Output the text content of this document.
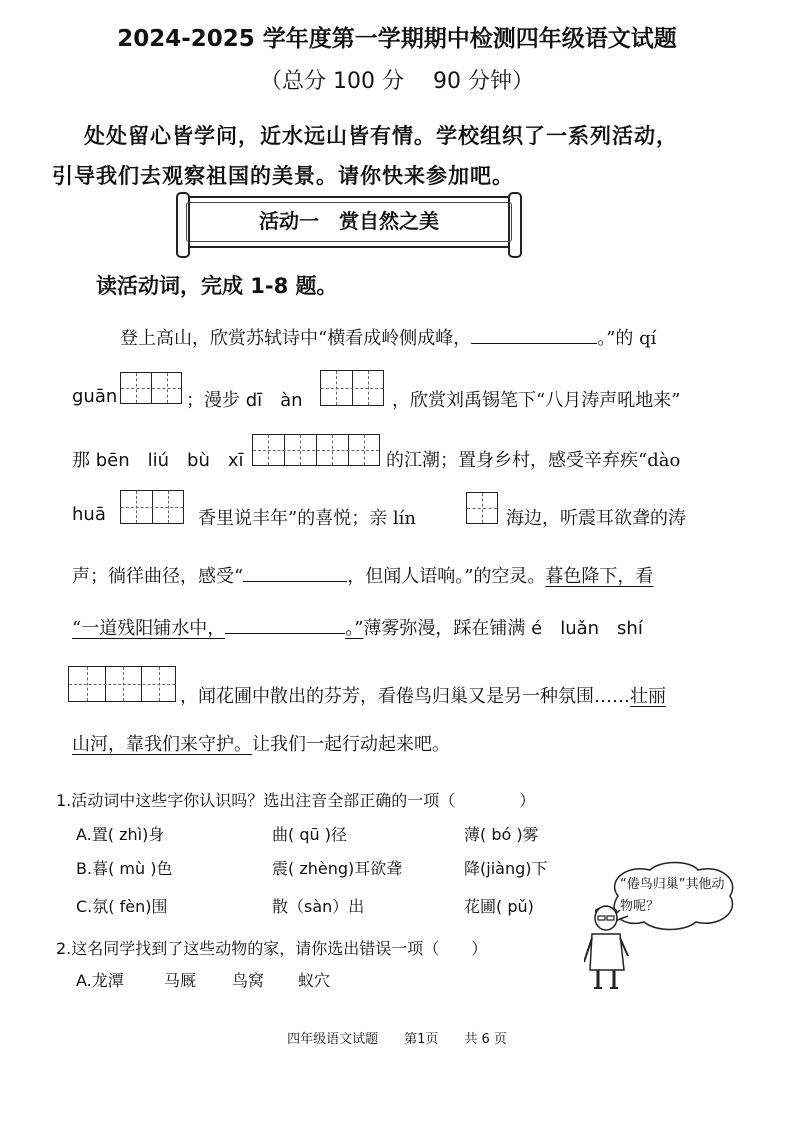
2024-2025 学年度第一学期期中检测四年级语文试题
（总分 100 分　 90 分钟）
处处留心皆学问，近水远山皆有情。学校组织了一系列活动，
引导我们去观察祖国的美景。请你快来参加吧。
活动一　赏自然之美
读活动词，完成 1-8 题。
登上高山，欣赏苏轼诗中“横看成岭侧成峰，	。”的 qí
guān	；漫步 dī　àn	，欣赏刘禹锡笔下“八月涛声吼地来”
那 bēn　liú　bù　xī	的江潮；置身乡村，感受辛弃疾“dào
huā	香里说丰年”的喜悦；亲 lín	海边，听震耳欲聋的涛
声；徜徉曲径，感受“	，但闻人语响。”的空灵。暮色降下，看
“一道残阳铺水中，	。”薄雾弥漫，踩在铺满 é　luǎn　shí
，闻花圃中散出的芬芳，看倦鸟归巢又是另一种氛围……壮丽
山河，靠我们来守护。让我们一起行动起来吧。
1.活动词中这些字你认识吗？选出注音全部正确的一项（　　　　）
A.置( zhì)身	曲( qū )径	薄( bó )雾
B.暮( mù )色	震( zhèng)耳欲聋	降(jiàng)下
C.氛( fèn)围	散（sàn）出	花圃( pǔ)
2.这名同学找到了这些动物的家，请你选出错误一项（　　）
A.龙潭	马厩 鸟窝 蚁穴
“倦鸟归巢”其他动物呢？
四年级语文试题　　第1页　　共 6 页
